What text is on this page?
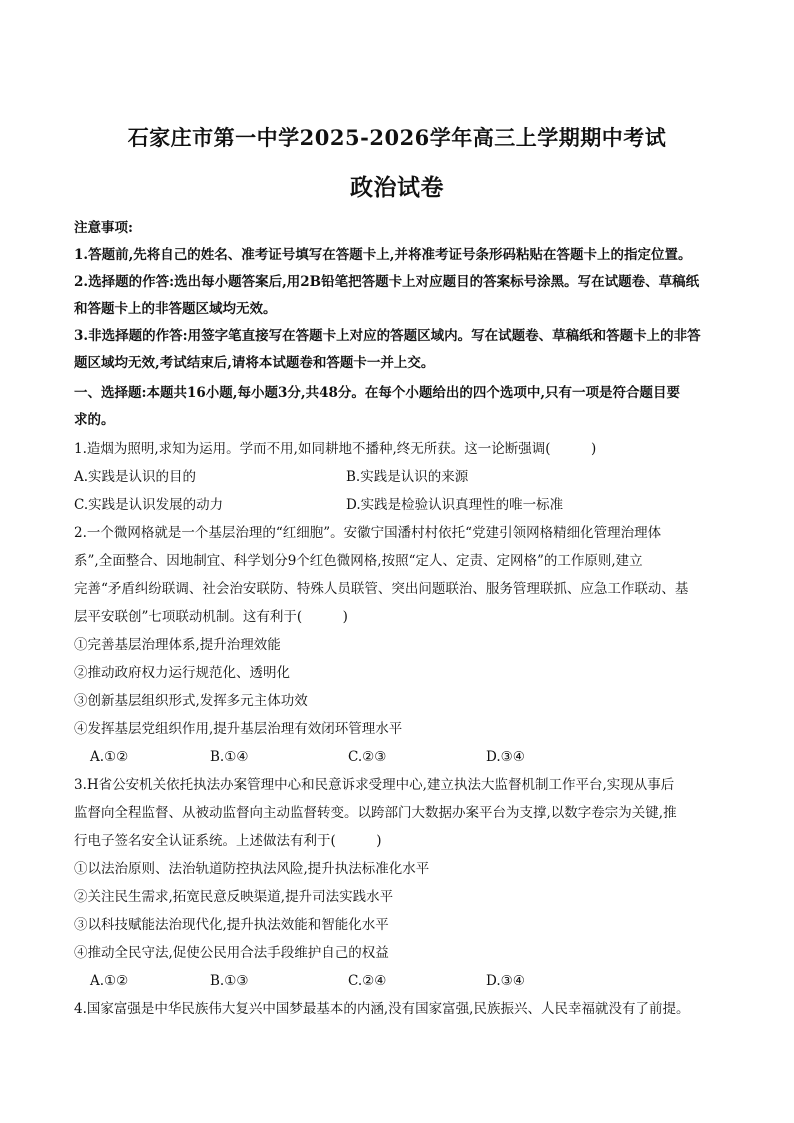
石家庄市第一中学2025-2026学年高三上学期期中考试
政治试卷
注意事项:
1.答题前,先将自己的姓名、准考证号填写在答题卡上,并将准考证号条形码粘贴在答题卡上的指定位置。
2.选择题的作答:选出每小题答案后,用2B铅笔把答题卡上对应题目的答案标号涂黑。写在试题卷、草稿纸
和答题卡上的非答题区域均无效。
3.非选择题的作答:用签字笔直接写在答题卡上对应的答题区域内。写在试题卷、草稿纸和答题卡上的非答
题区域均无效,考试结束后,请将本试题卷和答题卡一并上交。
一、选择题:本题共16小题,每小题3分,共48分。在每个小题给出的四个选项中,只有一项是符合题目要
求的。
1.造烟为照明,求知为运用。学而不用,如同耕地不播种,终无所获。这一论断强调(　　　)
A.实践是认识的目的	B.实践是认识的来源
C.实践是认识发展的动力	D.实践是检验认识真理性的唯一标准
2.一个微网格就是一个基层治理的“红细胞”。安徽宁国潘村村依托“党建引领网格精细化管理治理体
系”,全面整合、因地制宜、科学划分9个红色微网格,按照“定人、定责、定网格”的工作原则,建立
完善“矛盾纠纷联调、社会治安联防、特殊人员联管、突出问题联治、服务管理联抓、应急工作联动、基
层平安联创”七项联动机制。这有利于(　　　)
①完善基层治理体系,提升治理效能
②推动政府权力运行规范化、透明化
③创新基层组织形式,发挥多元主体功效
④发挥基层党组织作用,提升基层治理有效闭环管理水平
A.①②	B.①④	C.②③	D.③④
3.H省公安机关依托执法办案管理中心和民意诉求受理中心,建立执法大监督机制工作平台,实现从事后
监督向全程监督、从被动监督向主动监督转变。以跨部门大数据办案平台为支撑,以数字卷宗为关键,推
行电子签名安全认证系统。上述做法有利于(　　　)
①以法治原则、法治轨道防控执法风险,提升执法标准化水平
②关注民生需求,拓宽民意反映渠道,提升司法实践水平
③以科技赋能法治现代化,提升执法效能和智能化水平
④推动全民守法,促使公民用合法手段维护自己的权益
A.①②	B.①③	C.②④	D.③④
4.国家富强是中华民族伟大复兴中国梦最基本的内涵,没有国家富强,民族振兴、人民幸福就没有了前提。
